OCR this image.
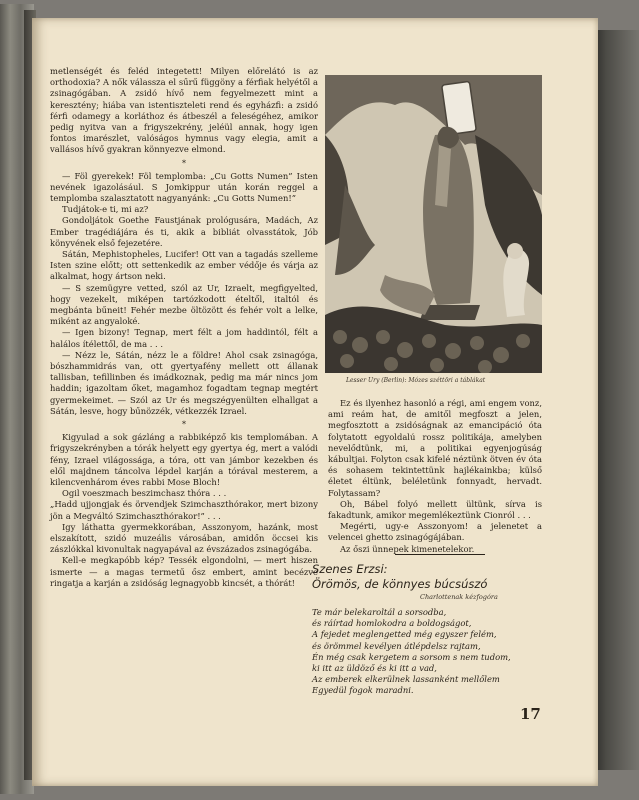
metlenségét és feléd integetett! Milyen előrelátó is az orthodoxia? A nők válassza el sűrű függöny a férfiak helyétől a zsinagógában. A zsidó hívő nem fegyelmezett mint a keresztény; hiába van istentiszteleti rend és egyházfi: a zsidó férfi odamegy a korláthoz és átbeszél a feleségéhez, amikor pedig nyitva van a frigyszekrény, jeléül annak, hogy igen fontos imarészlet, valóságos hymnus vagy elegia, amit a vallásos hívő gyakran könnyezve elmond.

*

— Föl gyerekek! Föl templomba: „Cu Gotts Numen” Isten nevének igazolásául. S Jomkippur után korán reggel a templomba szalasztatott nagyanyánk: „Cu Gotts Numen!”

Tudjátok-e ti, mi az?

Gondoljátok Goethe Faustjának prológusára, Madách, Az Ember tragédiájára és ti, akik a bibliát olvasstátok, Jób könyvének első fejezetére.

Sátán, Mephistopheles, Lucifer! Ott van a tagadás szelleme Isten szine előtt; ott settenkedik az ember védője és várja az alkalmat, hogy ártson neki.

— S szemügyre vetted, szól az Ur, Izraelt, megfigyelted, hogy vezekelt, miképen tartózkodott ételtől, italtól és megbánta bűneit! Fehér mezbe öltözött és fehér volt a lelke, miként az angyaloké.

— Igen bizony! Tegnap, mert félt a jom haddintól, félt a halálos ítélettől, de ma . . .

— Nézz le, Sátán, nézz le a földre! Ahol csak zsinagóga, bószhammidrás van, ott gyertyafény mellett ott állanak tallisban, tefillinben és imádkoznak, pedig ma már nincs jom haddin; igazoltam őket, magamhoz fogadtam tegnap megtért gyermekeimet. — Szól az Ur és megszégyenülten elhallgat a Sátán, lesve, hogy bűnözzék, vétkezzék Izrael.

*

Kigyulad a sok gázláng a rabbiképző kis templomában. A frigyszekrényben a tórák helyett egy gyertya ég, mert a valódi fény, Izrael világossága, a tóra, ott van jámbor kezekben és elől majdnem táncolva lépdel karján a tórával mesterem, a kilencvenhárom éves rabbi Mose Bloch!

Ogil voeszmach beszimchasz thóra . . .

„Hadd ujjongjak és örvendjek Szimchaszthórakor, mert bizony jön a Megváltó Szimchaszthórakor!” . . .

Igy láthatta gyermekkorában, Asszonyom, hazánk, most elszakított, szidó muzeális városában, amidőn öccsei kis zászlókkal kivonultak nagyapával az évszázados zsinagógába.

Kell-e megkapóbb kép? Tessék elgondolni, — mert hiszen ismerte — a magas termetű ősz embert, amint becézve ringatja a karján a zsidóság legnagyobb kincsét, a thórát!

Lesser Ury (Berlin): Mózes széttöri a táblákat

Ez és ilyenhez hasonló a régi, ami engem vonz, ami reám hat, de amitől megfoszt a jelen, megfosztott a zsidóságnak az emancipáció óta folytatott egyoldalú rossz politikája, amelyben nevelődtünk, mi, a politikai egyenjogúság kábultjai. Folyton csak kifelé néztünk ötven év óta és sohasem tekintettünk hajlékainkba; külső életet éltünk, beléletünk fonnyadt, hervadt. Folytassam?

Oh, Bábel folyó mellett ültünk, sírva is fakadtunk, amikor megemlékeztünk Cionról . . .

Megérti, ugy-e Asszonyom! a jelenetet a velencei ghetto zsinagógájában.

Az őszi ünnepek kimenetelekor.

Szenes Erzsi:
Örömös, de könnyes búcsúszó
Charlottenak kézfogóra
Te már belekaroltál a sorsodba,
és ráírtad homlokodra a boldogságot,
A fejedet meglengetted még egyszer felém,
és örömmel kevélyen átlépdelsz rajtam,
Én még csak kergetem a sorsom s nem tudom,
ki itt az üldöző és ki itt a vad,
Az emberek elkerülnek lassanként mellőlem
Egyedül fogok maradni.
17
